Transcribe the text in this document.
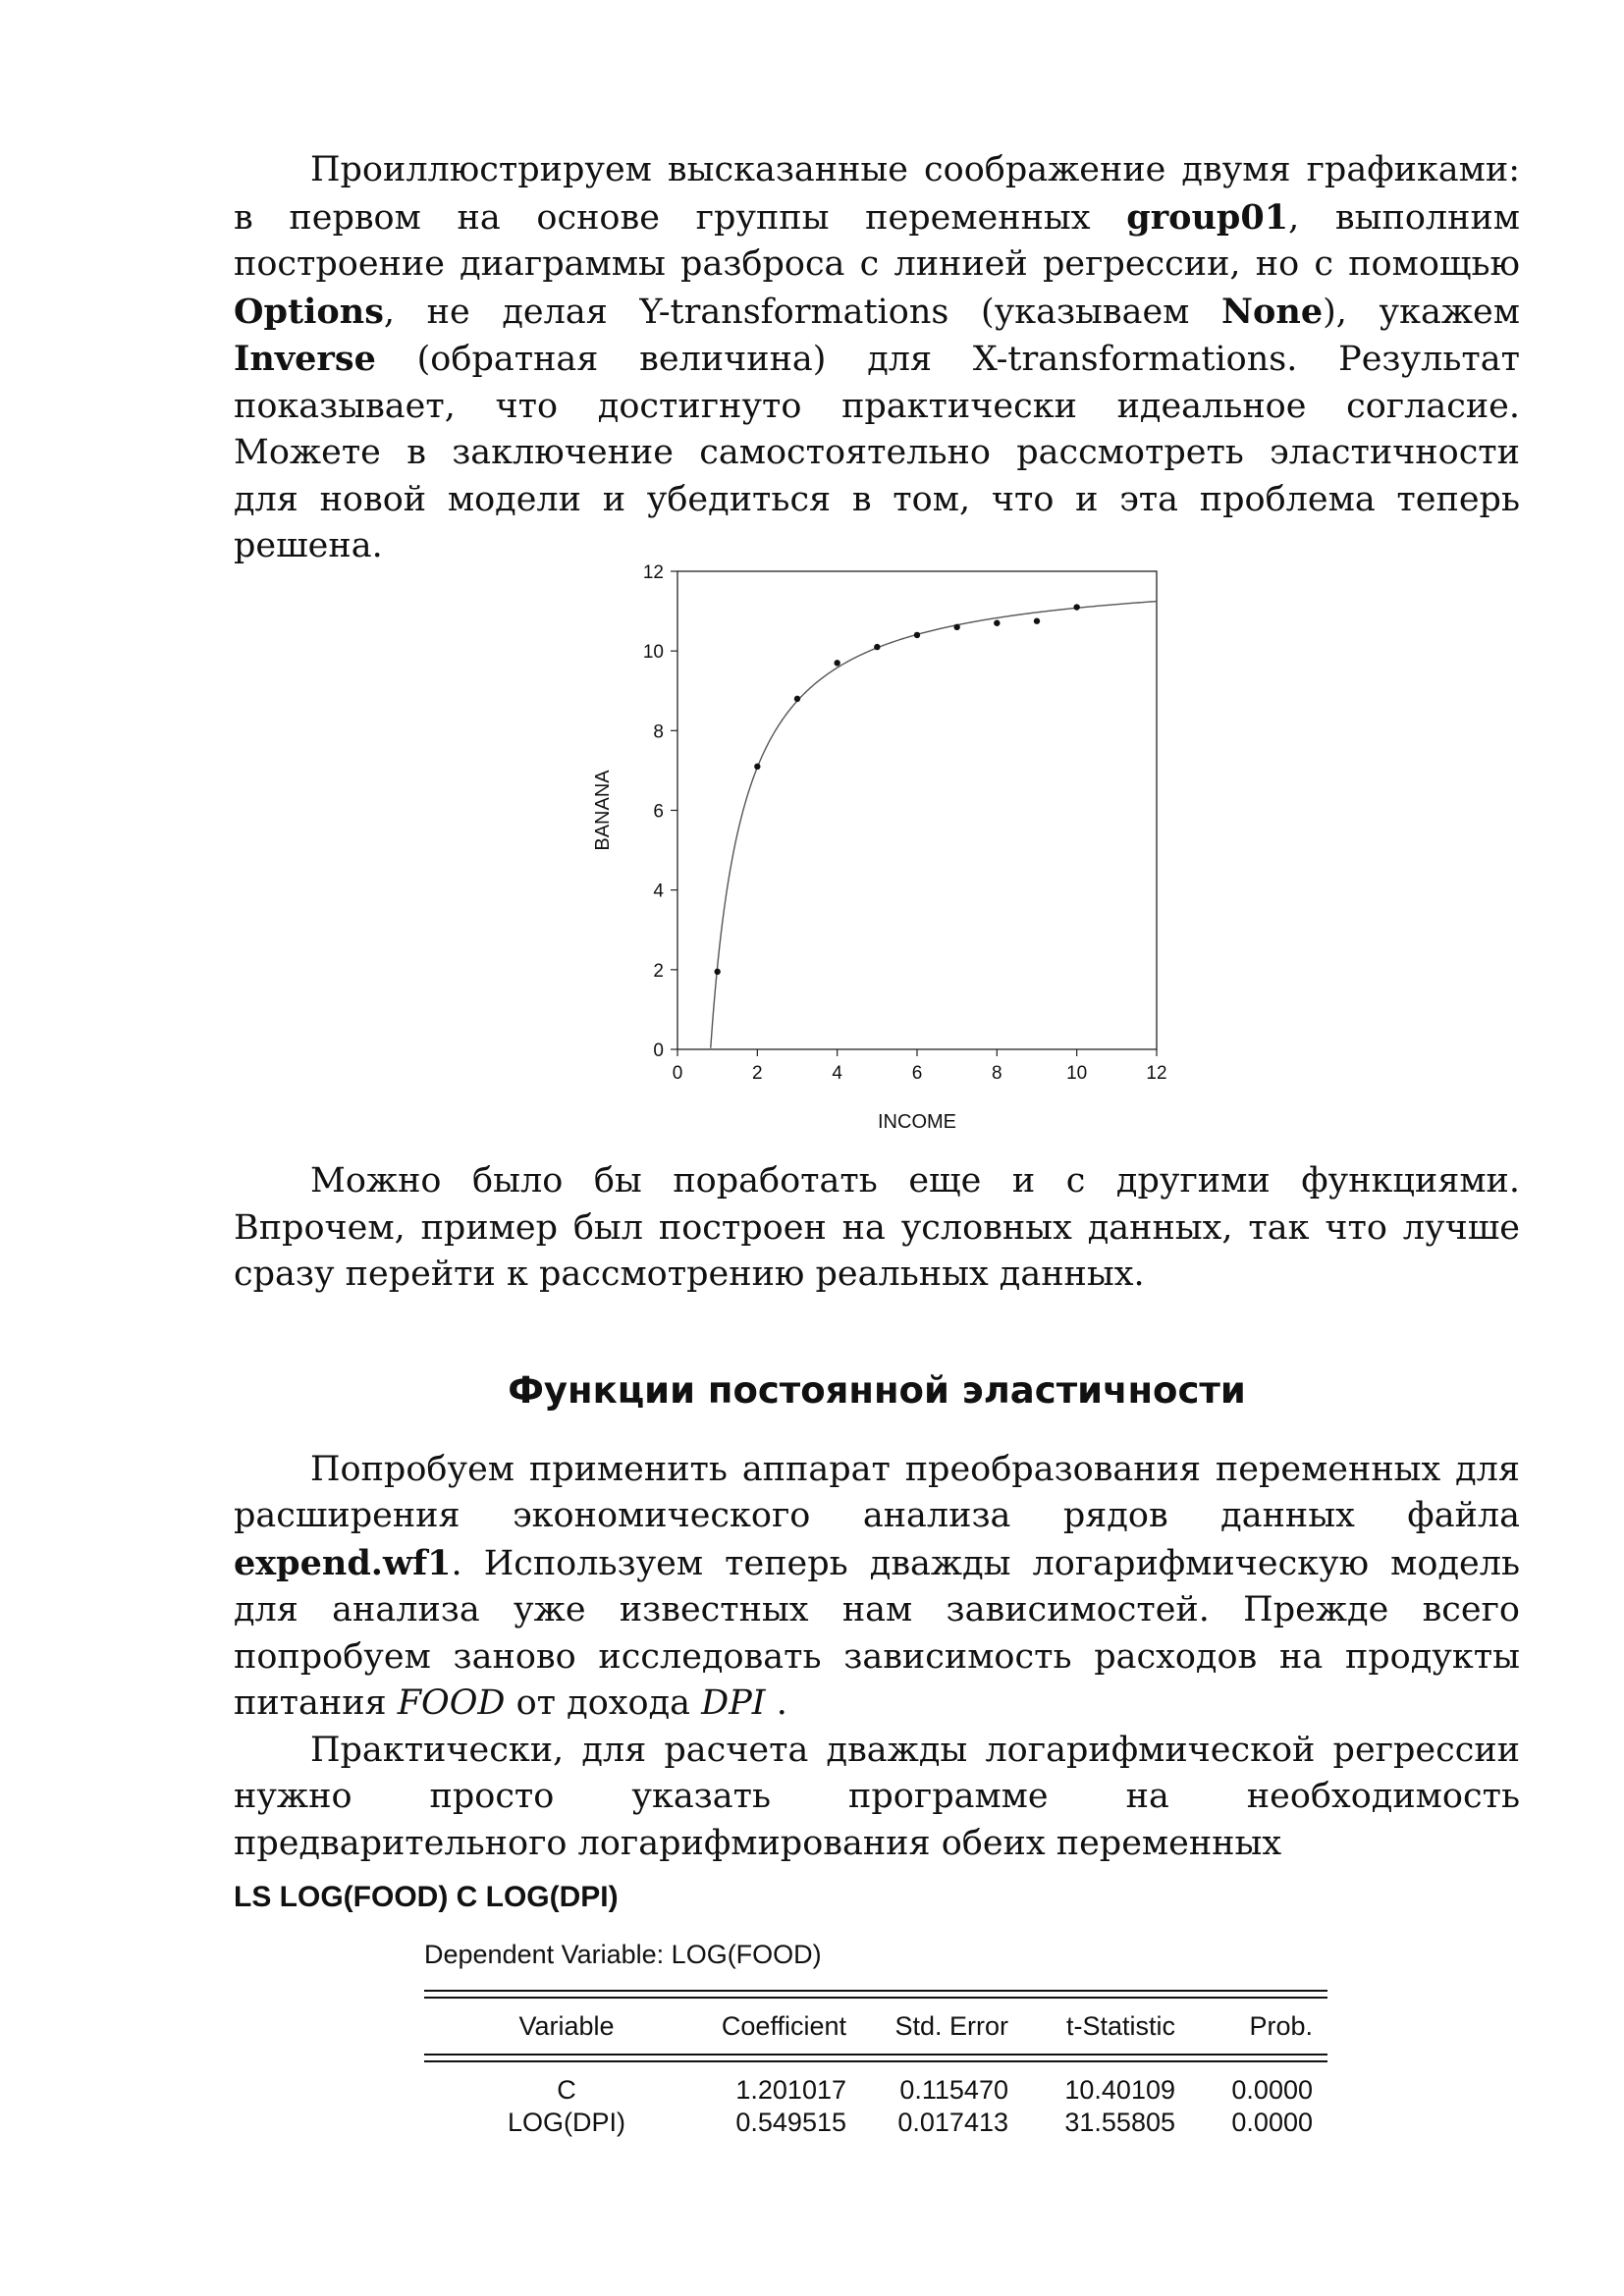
Проиллюстрируем высказанные соображение двумя графиками: в первом на основе группы переменных group01, выполним построение диаграммы разброса с линией регрессии, но с помощью Options, не делая Y-transformations (указываем None), укажем Inverse (обратная величина) для X-transformations. Результат показывает, что достигнуто практически идеальное согласие. Можете в заключение самостоятельно рассмотреть эластичности для новой модели и убедиться в том, что и эта проблема теперь решена.

Можно было бы поработать еще и с другими функциями. Впрочем, пример был построен на условных данных, так что лучше сразу перейти к рассмотрению реальных данных.

Функции постоянной эластичности

Попробуем применить аппарат преобразования переменных для расширения экономического анализа рядов данных файла expend.wf1. Используем теперь дважды логарифмическую модель для анализа уже известных нам зависимостей. Прежде всего попробуем заново исследовать зависимость расходов на продукты питания FOOD от дохода DPI .

Практически, для расчета дважды логарифмической регрессии нужно просто указать программе на необходимость предварительного логарифмирования обеих переменных

LS LOG(FOOD) C LOG(DPI)

0
2
4
6
8
10
12
0	2	4	6	8	10	12
INCOME
BANANA

Dependent Variable: LOG(FOOD)

Variable	Coefficient	Std. Error	t-Statistic	Prob.
C	1.201017	0.115470	10.40109	0.0000
LOG(DPI)	0.549515	0.017413	31.55805	0.0000
